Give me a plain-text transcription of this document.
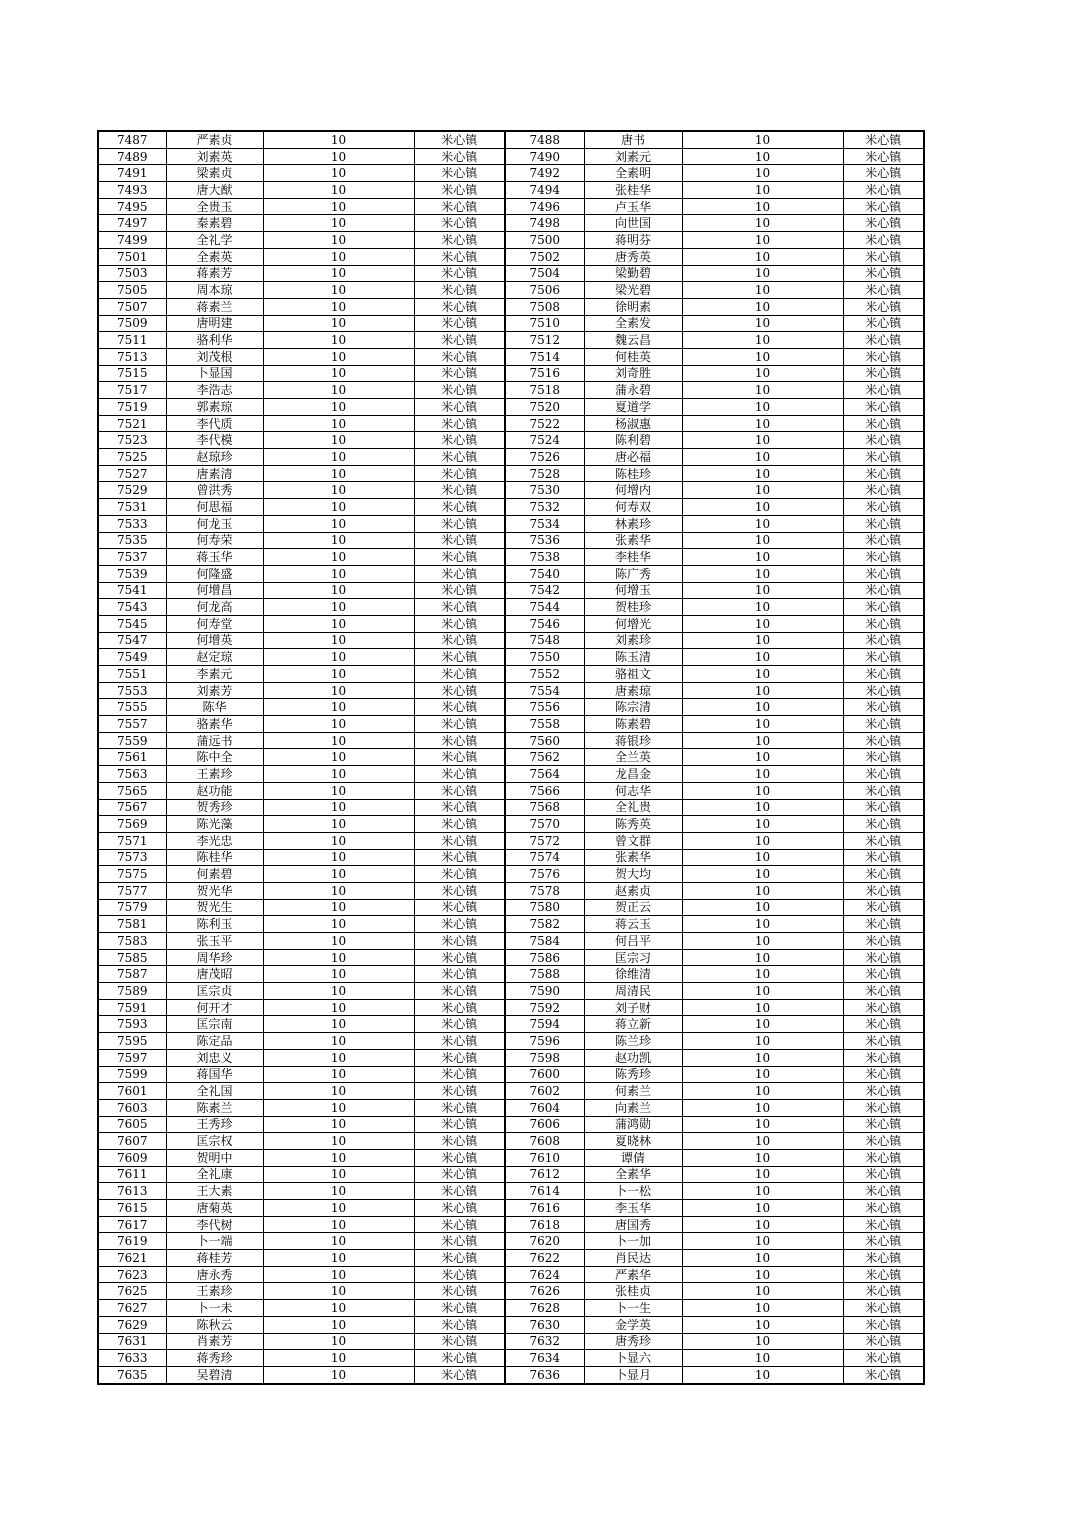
7487	严素贞	10	米心镇	7488	唐书	10	米心镇
7489	刘素英	10	米心镇	7490	刘素元	10	米心镇
7491	梁素贞	10	米心镇	7492	全素明	10	米心镇
7493	唐大猷	10	米心镇	7494	张桂华	10	米心镇
7495	全贵玉	10	米心镇	7496	卢玉华	10	米心镇
7497	秦素碧	10	米心镇	7498	向世国	10	米心镇
7499	全礼学	10	米心镇	7500	蒋明芬	10	米心镇
7501	全素英	10	米心镇	7502	唐秀英	10	米心镇
7503	蒋素芳	10	米心镇	7504	梁勤碧	10	米心镇
7505	周本琼	10	米心镇	7506	梁光碧	10	米心镇
7507	蒋素兰	10	米心镇	7508	徐明素	10	米心镇
7509	唐明建	10	米心镇	7510	全素发	10	米心镇
7511	骆利华	10	米心镇	7512	魏云昌	10	米心镇
7513	刘茂根	10	米心镇	7514	何桂英	10	米心镇
7515	卜显国	10	米心镇	7516	刘奇胜	10	米心镇
7517	李浩志	10	米心镇	7518	蒲永碧	10	米心镇
7519	郭素琼	10	米心镇	7520	夏道学	10	米心镇
7521	李代质	10	米心镇	7522	杨淑惠	10	米心镇
7523	李代模	10	米心镇	7524	陈利碧	10	米心镇
7525	赵琼珍	10	米心镇	7526	唐必福	10	米心镇
7527	唐素清	10	米心镇	7528	陈桂珍	10	米心镇
7529	曾洪秀	10	米心镇	7530	何增内	10	米心镇
7531	何思福	10	米心镇	7532	何寿双	10	米心镇
7533	何龙玉	10	米心镇	7534	林素珍	10	米心镇
7535	何寿荣	10	米心镇	7536	张素华	10	米心镇
7537	蒋玉华	10	米心镇	7538	李桂华	10	米心镇
7539	何隆盛	10	米心镇	7540	陈广秀	10	米心镇
7541	何增昌	10	米心镇	7542	何增玉	10	米心镇
7543	何龙高	10	米心镇	7544	贺桂珍	10	米心镇
7545	何寿堂	10	米心镇	7546	何增光	10	米心镇
7547	何增英	10	米心镇	7548	刘素珍	10	米心镇
7549	赵定琼	10	米心镇	7550	陈玉清	10	米心镇
7551	李素元	10	米心镇	7552	骆祖文	10	米心镇
7553	刘素芳	10	米心镇	7554	唐素琼	10	米心镇
7555	陈华	10	米心镇	7556	陈宗清	10	米心镇
7557	骆素华	10	米心镇	7558	陈素碧	10	米心镇
7559	蒲远书	10	米心镇	7560	蒋银珍	10	米心镇
7561	陈中全	10	米心镇	7562	全兰英	10	米心镇
7563	王素珍	10	米心镇	7564	龙昌金	10	米心镇
7565	赵功能	10	米心镇	7566	何志华	10	米心镇
7567	贺秀珍	10	米心镇	7568	全礼贵	10	米心镇
7569	陈光藻	10	米心镇	7570	陈秀英	10	米心镇
7571	李光忠	10	米心镇	7572	曾文群	10	米心镇
7573	陈桂华	10	米心镇	7574	张素华	10	米心镇
7575	何素碧	10	米心镇	7576	贺大均	10	米心镇
7577	贺光华	10	米心镇	7578	赵素贞	10	米心镇
7579	贺光生	10	米心镇	7580	贺正云	10	米心镇
7581	陈利玉	10	米心镇	7582	蒋云玉	10	米心镇
7583	张玉平	10	米心镇	7584	何吕平	10	米心镇
7585	周华珍	10	米心镇	7586	匡宗习	10	米心镇
7587	唐茂昭	10	米心镇	7588	徐维清	10	米心镇
7589	匡宗贞	10	米心镇	7590	周清民	10	米心镇
7591	何开才	10	米心镇	7592	刘子财	10	米心镇
7593	匡宗南	10	米心镇	7594	蒋立新	10	米心镇
7595	陈定品	10	米心镇	7596	陈兰珍	10	米心镇
7597	刘忠义	10	米心镇	7598	赵功凯	10	米心镇
7599	蒋国华	10	米心镇	7600	陈秀珍	10	米心镇
7601	全礼国	10	米心镇	7602	何素兰	10	米心镇
7603	陈素兰	10	米心镇	7604	向素兰	10	米心镇
7605	王秀珍	10	米心镇	7606	蒲鸿勋	10	米心镇
7607	匡宗权	10	米心镇	7608	夏晓林	10	米心镇
7609	贺明中	10	米心镇	7610	谭倩	10	米心镇
7611	全礼康	10	米心镇	7612	全素华	10	米心镇
7613	王大素	10	米心镇	7614	卜一松	10	米心镇
7615	唐菊英	10	米心镇	7616	李玉华	10	米心镇
7617	李代树	10	米心镇	7618	唐国秀	10	米心镇
7619	卜一端	10	米心镇	7620	卜一加	10	米心镇
7621	蒋桂芳	10	米心镇	7622	肖民达	10	米心镇
7623	唐永秀	10	米心镇	7624	严素华	10	米心镇
7625	王素珍	10	米心镇	7626	张桂贞	10	米心镇
7627	卜一未	10	米心镇	7628	卜一生	10	米心镇
7629	陈秋云	10	米心镇	7630	金学英	10	米心镇
7631	肖素芳	10	米心镇	7632	唐秀珍	10	米心镇
7633	蒋秀珍	10	米心镇	7634	卜显六	10	米心镇
7635	吴碧清	10	米心镇	7636	卜显月	10	米心镇
